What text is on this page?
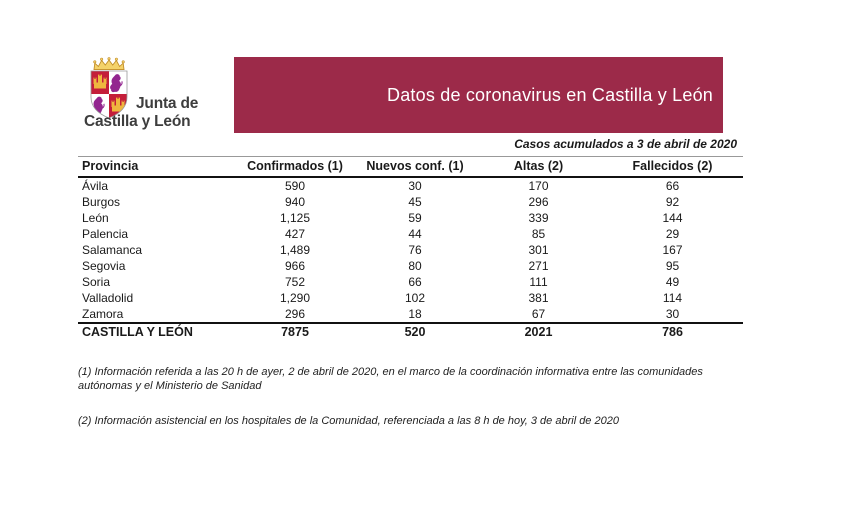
Junta de
Castilla y León
Datos de coronavirus en Castilla y León
Casos acumulados a 3 de abril de 2020
Provincia	Confirmados (1)	Nuevos conf. (1)	Altas (2)	Fallecidos (2)
Ávila	590	30	170	66
Burgos	940	45	296	92
León	1,125	59	339	144
Palencia	427	44	85	29
Salamanca	1,489	76	301	167
Segovia	966	80	271	95
Soria	752	66	111	49
Valladolid	1,290	102	381	114
Zamora	296	18	67	30
CASTILLA Y LEÓN	7875	520	2021	786
(1) Información referida a las 20 h de ayer, 2 de abril de 2020, en el marco de la coordinación informativa entre las comunidades autónomas y el Ministerio de Sanidad
(2) Información asistencial en los hospitales de la Comunidad, referenciada a las 8 h de hoy, 3 de abril de 2020
